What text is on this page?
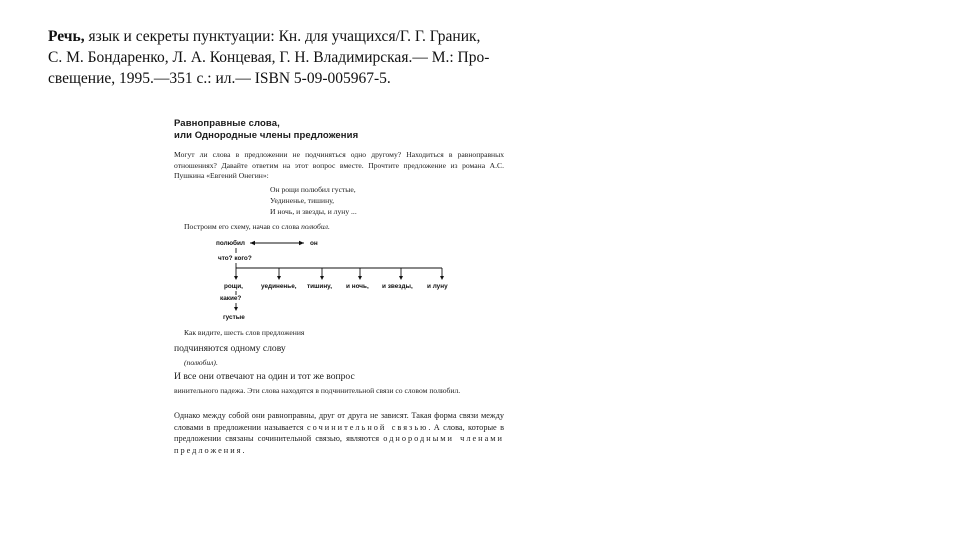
Речь, язык и секреты пунктуации: Кн. для учащихся/Г. Г. Граник,
С. М. Бондаренко, Л. А. Концевая, Г. Н. Владимирская.— М.: Про-
свещение, 1995.—351 с.: ил.— ISBN 5-09-005967-5.
Равноправные слова,
или Однородные члены предложения
Могут ли слова в предложении не подчиняться одно другому? Находиться в равноправных отношениях? Давайте ответим на этот вопрос вместе. Прочтите предложение из романа А.С. Пушкина «Евгений Онегин»:
Он рощи полюбил густые,
Уединенье, тишину,
И ночь, и звезды, и луну ...
Построим его схему, начав со слова полюбил.
полюбил	он
что? кого?
рощи,	уединенье, тишину, и ночь, и звезды, и луну
какие?
густые
Как видите, шесть слов предложения
подчиняются одному слову
(полюбил).
И все они отвечают на один и тот же вопрос
винительного падежа. Эти слова находятся в подчинительной связи со словом полюбил.
Однако между собой они равноправны, друг от друга не зависят. Такая форма связи между словами в предложении называется сочинительной связью. А слова, которые в предложении связаны сочинительной связью, являются однородными членами предложения.
